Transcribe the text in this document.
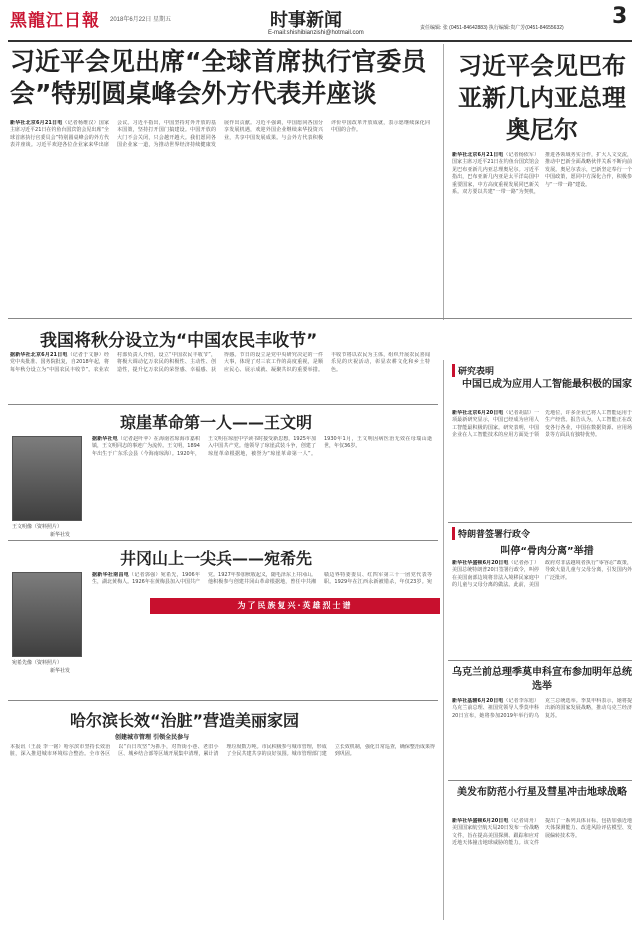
黑龍江日報 2018年6月22日 星期五	时事新闻
E-mail:shishibianzishi@hotmail.com
责任编辑: 张 (0451-84642883) 执行编辑:贵广芳(0451-84655632) 3
习近平会见出席“全球首席执行官委员会”特别圆桌峰会外方代表并座谈
新华社北京6月21日电（记者杨维汉）国家主席习近平21日在钓鱼台国宾馆会见出席“全球首席执行官委员会”特别圆桌峰会的外方代表并座谈。习近平欢迎各位企业家来华出席会议。习近平指出，中国坚持对外开放的基本国策，坚持打开国门搞建设。中国开放的大门不会关闭，只会越开越大。我们愿同各国企业家一道，为推动世界经济持续健康发展作出贡献。习近平强调，中国愿同各国分享发展机遇，欢迎外国企业继续来华投资兴业，共享中国发展成果。与会外方代表积极评价中国改革开放成就，表示愿继续深化同中国的合作。
习近平会见巴布亚新几内亚总理奥尼尔
新华社北京6月21日电（记者杨依军）国家主席习近平21日在钓鱼台国宾馆会见巴布亚新几内亚总理奥尼尔。习近平指出，巴布亚新几内亚是太平洋岛国中重要国家，中方高度重视发展同巴新关系。双方要以共建“一带一路”为契机，推进各领域务实合作，扩大人文交流，推动中巴新全面战略伙伴关系不断向前发展。奥尼尔表示，巴新坚定奉行一个中国政策，愿同中方深化合作，积极参与“一带一路”建设。
我国将秋分设立为“中国农民丰收节”
据新华社北京6月21日电（记者于文静）经党中央批准、国务院批复，自2018年起，将每年秋分设立为“中国农民丰收节”。农业农村部负责人介绍，设立“中国农民丰收节”，将极大调动亿万农民的积极性、主动性、创造性，提升亿万农民的荣誉感、幸福感、获得感。节日的设立是党中央研究决定的一件大事，体现了对三农工作的高度重视，是顺应民心、展示成就、凝聚共识的重要举措。丰收节将以农民为主体，组织开展农民喜闻乐见的庆祝活动，彰显农耕文化和乡土特色。
琼崖革命第一人——王文明
王文明像（资料照片）
新华社发
据新华社电（记者赵叶苹）在海南省琼海市嘉积镇，王文明同志的事迹广为流传。王文明，1894年出生于广东乐会县（今海南琼海）。1920年，王文明在琼崖中学读书时接受新思想，1925年加入中国共产党。他领导了琼崖武装斗争，创建了琼崖革命根据地，被誉为“琼崖革命第一人”。1930年1月，王文明因病医治无效在母瑞山逝世，年仅36岁。
井冈山上一尖兵——宛希先
宛希先像（资料照片）
新华社发
据新华社南昌电（记者郭强）宛希先，1906年生，湖北黄梅人。1926年在黄梅县加入中国共产党。1927年参加秋收起义，随毛泽东上井冈山。他积极参与创建井冈山革命根据地，曾任中共湘赣边界特委委员、红四军第三十一团党代表等职。1929年在江西永新被错杀，年仅23岁。宛
为了民族复兴·英雄烈士谱
哈尔滨长效“治脏”营造美丽家园
创建城市管理 引领全民参与
本报讯（王晨 李一铭）哈尔滨市坚持长效治脏，深入推进城市环境综合整治。全市各区以“百日攻坚”为抓手，对背街小巷、老旧小区、城乡结合部等区域开展集中清理，累计清理垃圾数万吨。市民积极参与城市管理，形成了全民共建共享的良好氛围。城市管理部门建立长效机制，强化日常巡查，确保整治成果得到巩固。
研究表明
中国已成为应用人工智能最积极的国家
新华社北京6月20日电（记者胡喆）一项最新研究显示，中国已经成为应用人工智能最积极的国家。研究表明，中国企业在人工智能技术的应用方面处于领先地位，许多企业已将人工智能运用于生产经营。报告认为，人工智能正在改变各行各业，中国在数据资源、应用场景等方面具有独特优势。
特朗普签署行政令
叫停“骨肉分离”举措
新华社华盛顿6月20日电（记者孙丁）美国总统特朗普20日签署行政令，叫停在美国南部边境将非法入境移民家庭中的儿童与父母分离的做法。此前，美国政府对非法越境者执行“零容忍”政策，导致大量儿童与父母分离，引发国内外广泛批评。
乌克兰前总理季莫申科宣布参加明年总统选举
新华社基辅6月20日电（记者李东旭）乌克兰前总理、祖国党领导人季莫申科20日宣布，她将参加2019年举行的乌克兰总统选举。季莫申科表示，她将提出新的国家发展战略，推动乌克兰经济复苏。
美发布防范小行星及彗星冲击地球战略
新华社华盛顿6月20日电（记者周舟）美国国家航空航天局20日发布一份战略文件，旨在提高美国探测、跟踪和应对近地天体撞击地球威胁的能力。该文件提出了一系列具体目标，包括加强近地天体探测能力、改进风险评估模型、发展偏转技术等。
